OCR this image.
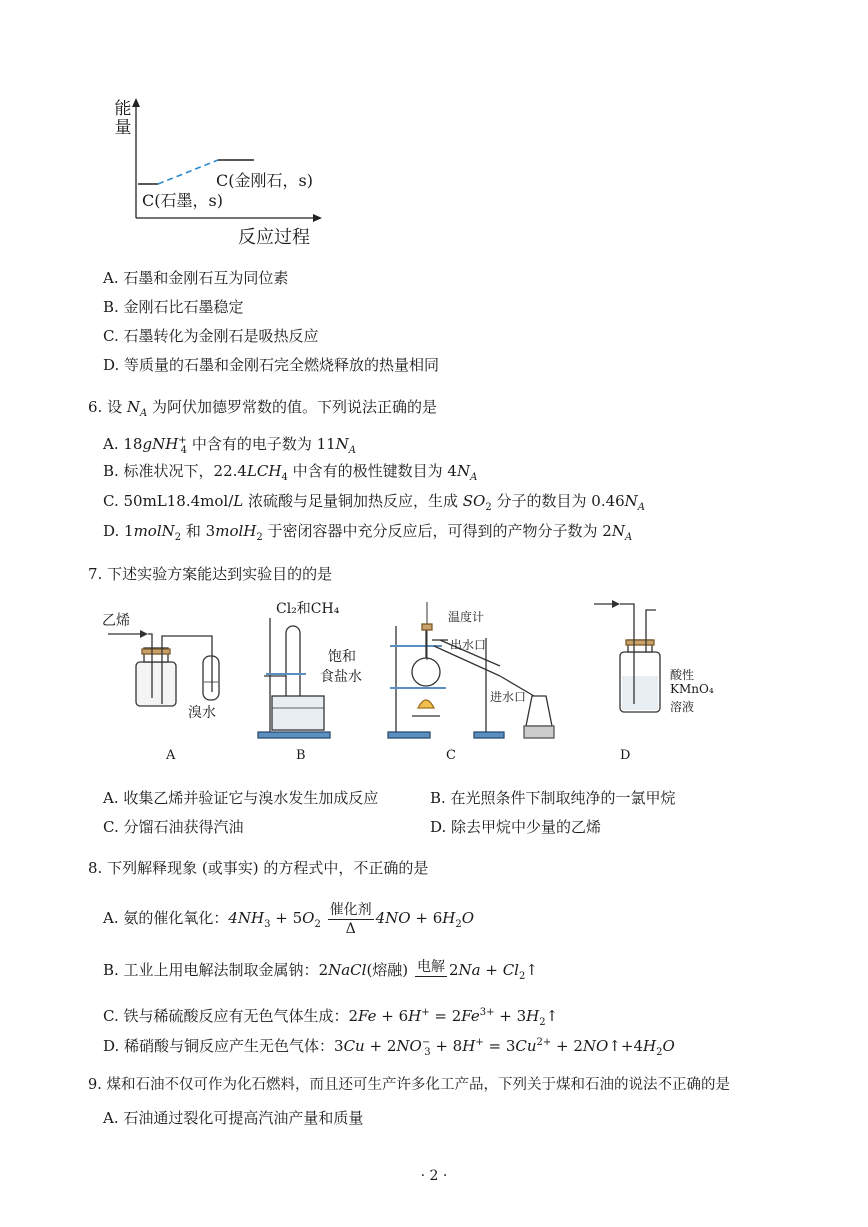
能量
反应过程
C(石墨，s)
C(金刚石，s)
A. 石墨和金刚石互为同位素
B. 金刚石比石墨稳定
C. 石墨转化为金刚石是吸热反应
D. 等质量的石墨和金刚石完全燃烧释放的热量相同
6. 设 $N_A$ 为阿伏加德罗常数的值。下列说法正确的是
A. 18gNH+$_4$ 中含有的电子数为 $11N_A$
B. 标准状况下，$22.4LCH_4$ 中含有的极性键数目为 $4N_A$
C. 50mL18.4mol/L 浓硫酸与足量铜加热反应，生成 $SO_2$ 分子的数目为 $0.46N_A$
D. 1molN$_2$ 和 3molH$_2$ 于密闭容器中充分反应后，可得到的产物分子数为 $2N_A$
7. 下述实验方案能达到实验目的的是
乙烯
溴水
Cl₂和CH₄
饱和
食盐水
温度计
出水口
进水口
酸性
KMnO₄
溶液
A	B	C	D
A. 收集乙烯并验证它与溴水发生加成反应	B. 在光照条件下制取纯净的一氯甲烷
C. 分馏石油获得汽油	D. 除去甲烷中少量的乙烯
8. 下列解释现象 (或事实) 的方程式中，不正确的是
A. 氨的催化氧化：$4NH_3 + 5O_2 \frac{\text{催化剂}}{\Delta} 4NO + 6H_2O$
B. 工业上用电解法制取金属钠：2NaCl(熔融) 电解 $2Na + Cl_2↑$
C. 铁与稀硫酸反应有无色气体生成：$2Fe + 6H^+ = 2Fe^{3+}$ + $3H_2↑$
D. 稀硝酸与铜反应产生无色气体：$3Cu + 2NO^-_3 + 8H^+ = 3Cu^{2+}$ + $2NO↑+4H_2O$
9. 煤和石油不仅可作为化石燃料，而且还可生产许多化工产品，下列关于煤和石油的说法不正确的是
A. 石油通过裂化可提高汽油产量和质量
· 2 ·
